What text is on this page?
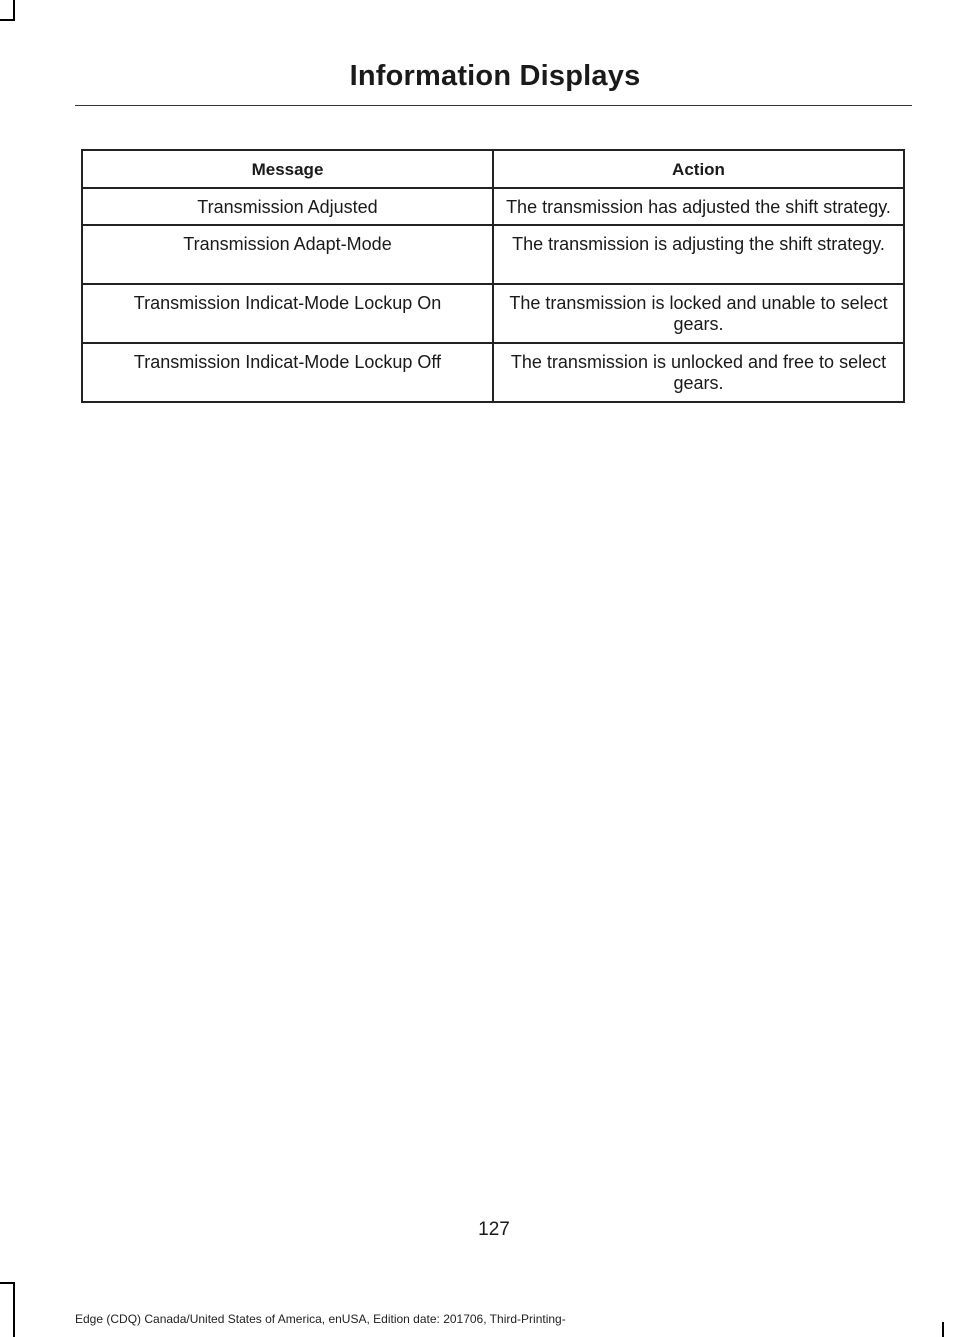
Information Displays
Message	Action
Transmission Adjusted	The transmission has adjusted the shift strategy.
Transmission Adapt-Mode	The transmission is adjusting the shift strategy.
Transmission Indicat-Mode Lockup On	The transmission is locked and unable to select gears.
Transmission Indicat-Mode Lockup Off	The transmission is unlocked and free to select gears.
127
Edge (CDQ) Canada/United States of America, enUSA, Edition date: 201706, Third-Printing-
